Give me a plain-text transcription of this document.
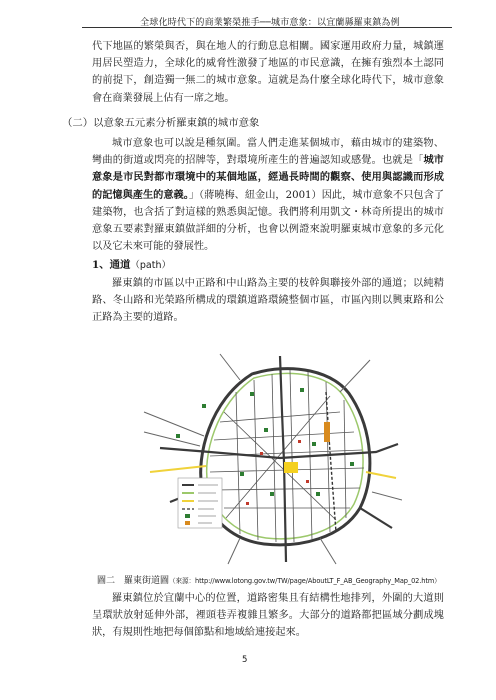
全球化時代下的商業繁榮推手──城市意象：以宜蘭縣羅東鎮為例
代下地區的繁榮與否，與在地人的行動息息相關。國家運用政府力量，城鎮運用居民塑造力，全球化的威脅性激發了地區的市民意識，在擁有強烈本土認同的前提下，創造獨一無二的城市意象。這就是為什麼全球化時代下，城市意象會在商業發展上佔有一席之地。
（二）以意象五元素分析羅東鎮的城市意象
城市意象也可以說是種氛圍。當人們走進某個城市，藉由城市的建築物、彎曲的街道或閃亮的招牌等，對環境所產生的普遍認知或感覺。也就是「城市意象是市民對都市環境中的某個地區，經過長時間的觀察、使用與認識而形成的記憶與產生的意義。」（蔣曉梅、紐金山，2001）因此，城市意象不只包含了建築物，也含括了對這樣的熟悉與記憶。我們將利用凱文・林奇所提出的城市意象五要素對羅東鎮做詳細的分析，也會以例證來說明羅東城市意象的多元化以及它未來可能的發展性。
1、通道（path）
羅東鎮的市區以中正路和中山路為主要的枝幹與聯接外部的通道；以純精路、冬山路和光榮路所構成的環鎮道路環繞整個市區，市區內則以興東路和公正路為主要的道路。
圖二　羅東街道圖（來源：http://www.lotong.gov.tw/TW/page/AboutLT_F_AB_Geography_Map_02.htm）
羅東鎮位於宜蘭中心的位置，道路密集且有結構性地排列，外圍的大道則呈環狀放射延伸外部，裡頭巷弄複雜且繁多。大部分的道路都把區域分劃成塊狀，有規則性地把每個節點和地域給連接起來。
5
